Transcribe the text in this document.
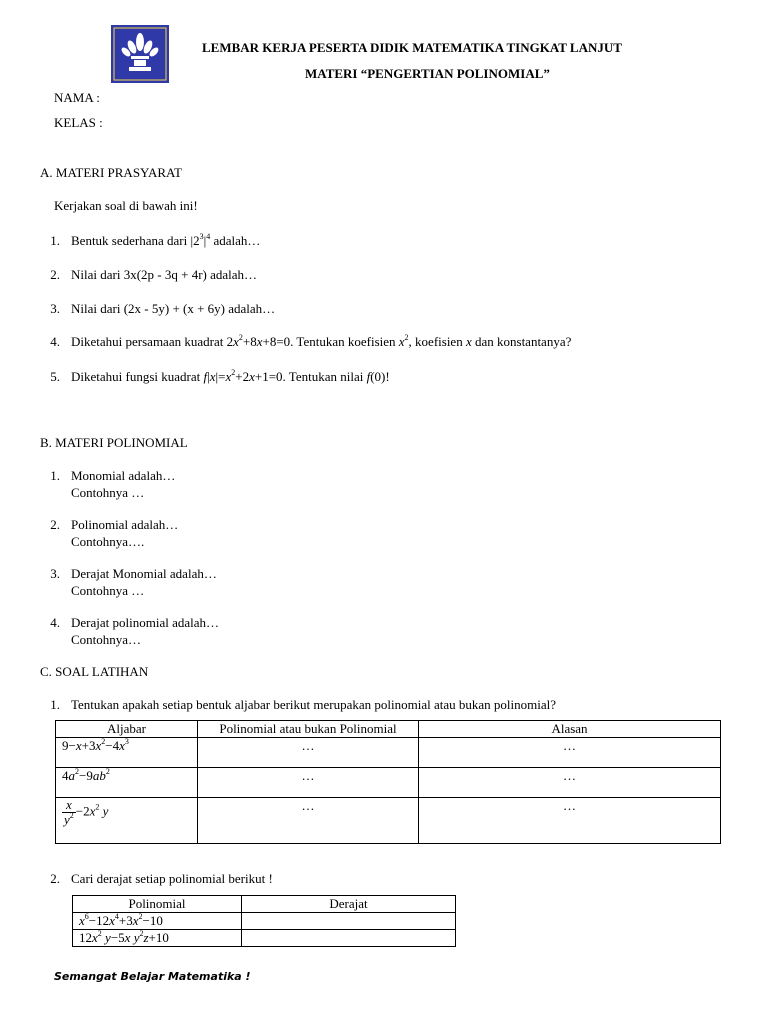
LEMBAR KERJA PESERTA DIDIK MATEMATIKA TINGKAT LANJUT
MATERI “PENGERTIAN POLINOMIAL”
NAMA :
KELAS :
A. MATERI PRASYARAT
Kerjakan soal di bawah ini!
1. Bentuk sederhana dari $|2^3|^4$ adalah…
2. Nilai dari 3x(2p - 3q + 4r) adalah…
3. Nilai dari (2x - 5y) + (x + 6y) adalah…
4. Diketahui persamaan kuadrat $2x^2+8x+8=0$. Tentukan koefisien $x^2$, koefisien x dan konstantanya?
5. Diketahui fungsi kuadrat $f|x|=x^2+2x+1=0$. Tentukan nilai f(0)!
B. MATERI POLINOMIAL
1. Monomial adalah…
Contohnya …
2. Polinomial adalah…
Contohnya….
3. Derajat Monomial adalah…
Contohnya …
4. Derajat polinomial adalah…
Contohnya…
C. SOAL LATIHAN
1. Tentukan apakah setiap bentuk aljabar berikut merupakan polinomial atau bukan polinomial?
Aljabar	Polinomial atau bukan Polinomial	Alasan
$9-x+3x^2-4x^3$	…	…
$4a^2-9ab^2$	…	…

$\frac{x}{y^2} -2x^2$ y	…	…
2. Cari derajat setiap polinomial berikut !
Polinomial	Derajat
$x^6-12x^4+3x^2-10$	
$12x^2$ y−5x $y^2z+10$	
Semangat Belajar Matematika !
